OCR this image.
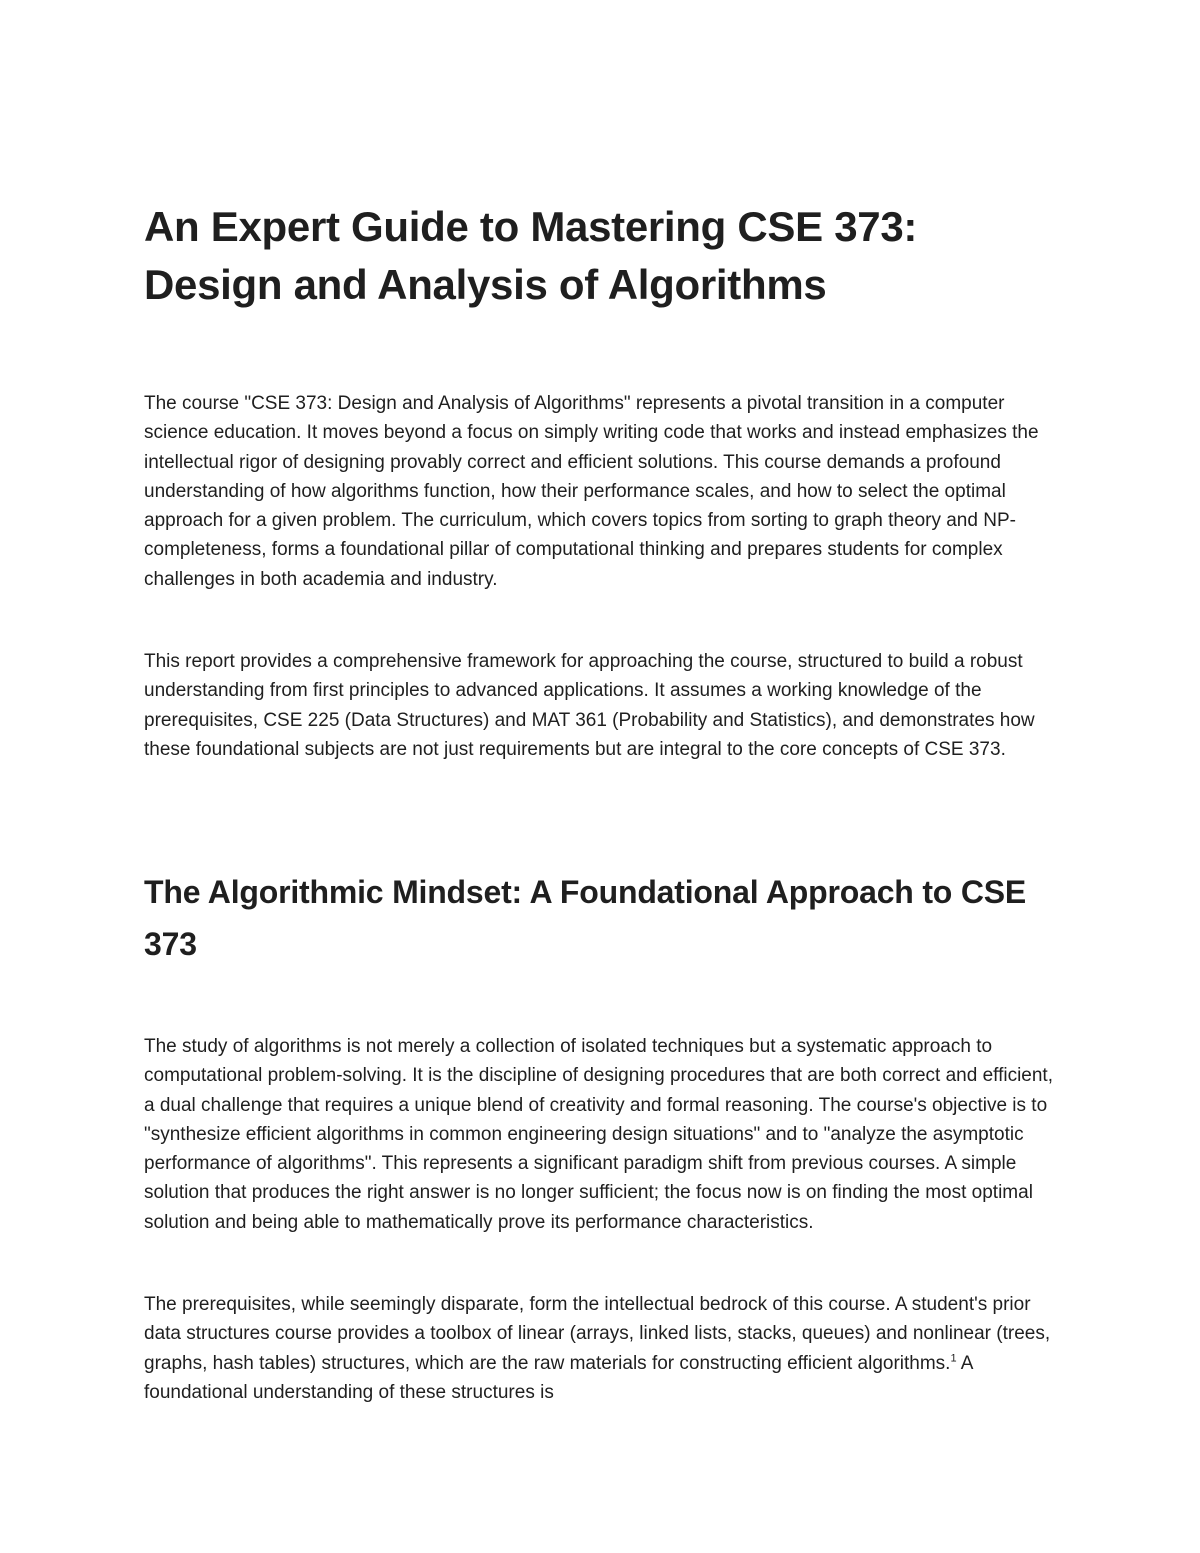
An Expert Guide to Mastering CSE 373: Design and Analysis of Algorithms

The course "CSE 373: Design and Analysis of Algorithms" represents a pivotal transition in a computer science education. It moves beyond a focus on simply writing code that works and instead emphasizes the intellectual rigor of designing provably correct and efficient solutions. This course demands a profound understanding of how algorithms function, how their performance scales, and how to select the optimal approach for a given problem. The curriculum, which covers topics from sorting to graph theory and NP-completeness, forms a foundational pillar of computational thinking and prepares students for complex challenges in both academia and industry.

This report provides a comprehensive framework for approaching the course, structured to build a robust understanding from first principles to advanced applications. It assumes a working knowledge of the prerequisites, CSE 225 (Data Structures) and MAT 361 (Probability and Statistics), and demonstrates how these foundational subjects are not just requirements but are integral to the core concepts of CSE 373.

The Algorithmic Mindset: A Foundational Approach to CSE 373

The study of algorithms is not merely a collection of isolated techniques but a systematic approach to computational problem-solving. It is the discipline of designing procedures that are both correct and efficient, a dual challenge that requires a unique blend of creativity and formal reasoning. The course's objective is to "synthesize efficient algorithms in common engineering design situations" and to "analyze the asymptotic performance of algorithms". This represents a significant paradigm shift from previous courses. A simple solution that produces the right answer is no longer sufficient; the focus now is on finding the most optimal solution and being able to mathematically prove its performance characteristics.

The prerequisites, while seemingly disparate, form the intellectual bedrock of this course. A student's prior data structures course provides a toolbox of linear (arrays, linked lists, stacks, queues) and nonlinear (trees, graphs, hash tables) structures, which are the raw materials for constructing efficient algorithms.$^1$ A foundational understanding of these structures is
